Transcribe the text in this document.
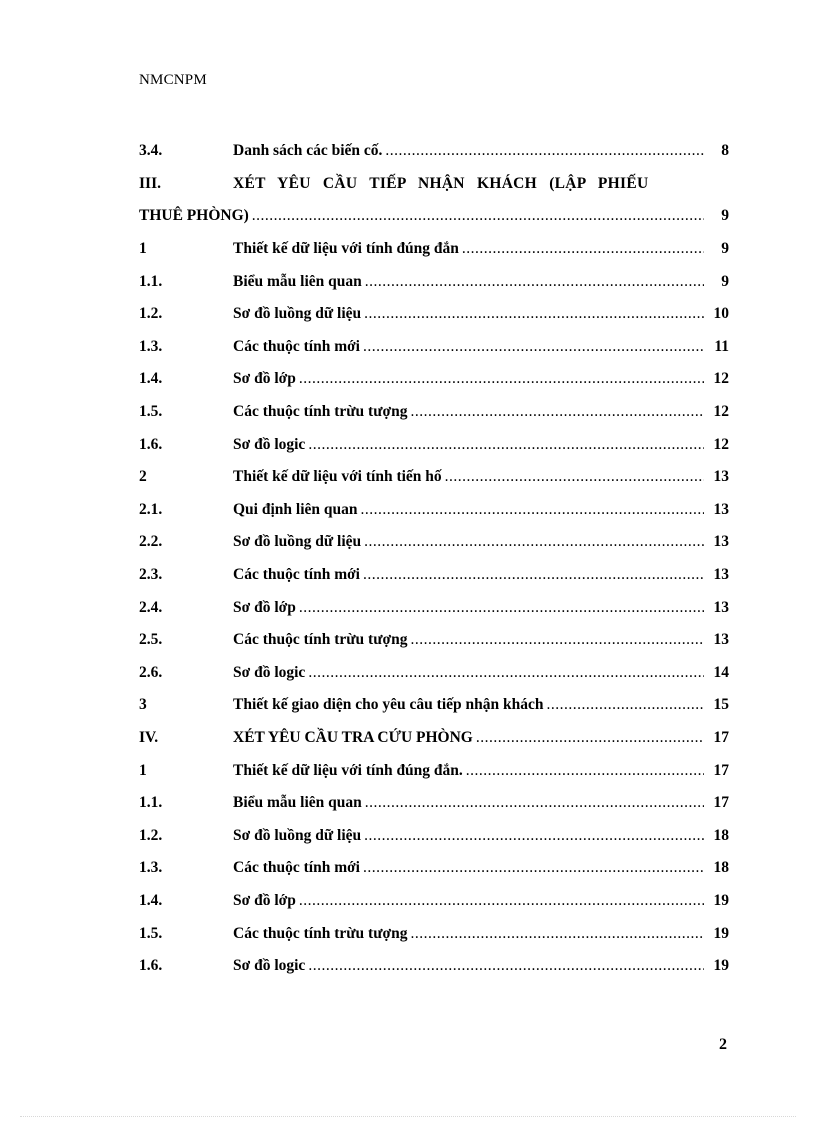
NMCNPM
3.4.	Danh sách các biến cố. .....	8
III.	XÉT YÊU CẦU TIẾP NHẬN KHÁCH (LẬP PHIẾU
THUÊ PHÒNG) .....	9
1	Thiết kế dữ liệu với tính đúng đắn .....	9
1.1.	Biểu mẫu liên quan .....	9
1.2.	Sơ đồ luồng dữ liệu .....	10
1.3.	Các thuộc tính mới .....	11
1.4.	Sơ đồ lớp .....	12
1.5.	Các thuộc tính trừu tượng .....	12
1.6.	Sơ đồ logic .....	12
2	Thiết kế dữ liệu với tính tiến hố .....	13
2.1.	Qui định liên quan .....	13
2.2.	Sơ đồ luồng dữ liệu .....	13
2.3.	Các thuộc tính mới .....	13
2.4.	Sơ đồ lớp .....	13
2.5.	Các thuộc tính trừu tượng .....	13
2.6.	Sơ đồ logic .....	14
3	Thiết kế giao diện cho yêu câu tiếp nhận khách .....	15
IV.	XÉT YÊU CẦU TRA CỨU PHÒNG .....	17
1	Thiết kế dữ liệu với tính đúng đắn. .....	17
1.1.	Biểu mẫu liên quan .....	17
1.2.	Sơ đồ luồng dữ liệu .....	18
1.3.	Các thuộc tính mới .....	18
1.4.	Sơ đồ lớp .....	19
1.5.	Các thuộc tính trừu tượng .....	19
1.6.	Sơ đồ logic .....	19
2
